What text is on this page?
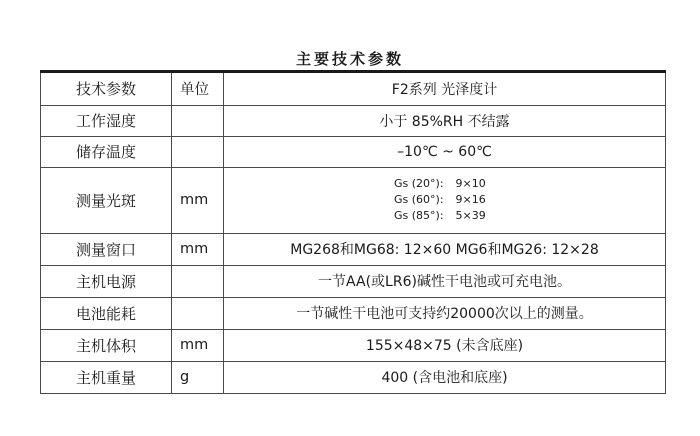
主要技术参数
技术参数	单位	F2系列 光泽度计
工作湿度		小于 85%RH 不结露
储存温度		–10℃ ~ 60℃
测量光斑	mm	Gs (20°): 9×10
Gs (60°): 9×16
Gs (85°): 5×39

测量窗口	mm	MG268和MG68: 12×60 MG6和MG26: 12×28
主机电源		一节AA(或LR6)碱性干电池或可充电池。
电池能耗		一节碱性干电池可支持约20000次以上的测量。
主机体积	mm	155×48×75 (未含底座)
主机重量	g	400 (含电池和底座)
